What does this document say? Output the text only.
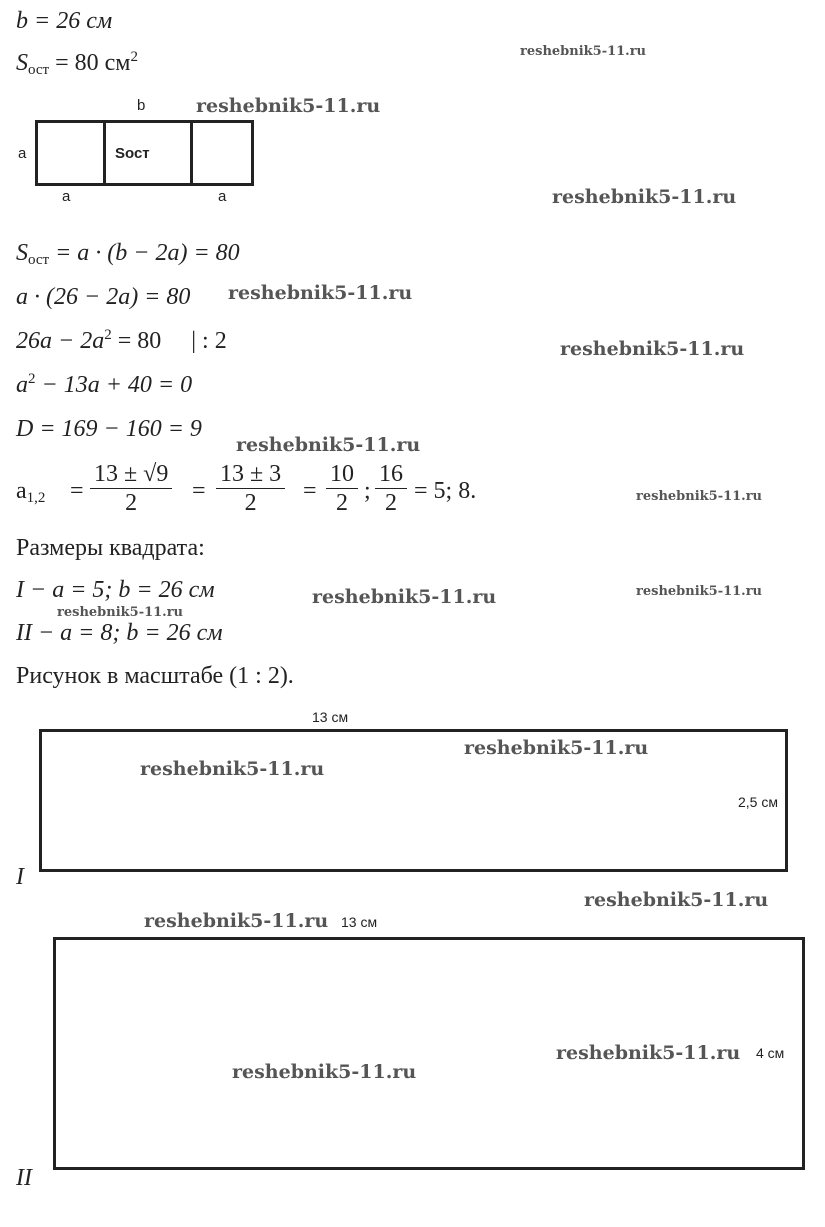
b = 26 см
$S_{ост} = 80$ $см^2$
b
a	Sост
a	a
$S_{ост} = a \cdot (b - 2a) = 80$
a · (26 − 2a) = 80
$26a - 2a^2 = 80$     | : 2
$a^2 - 13a + 40 = 0$
D = 169 − 160 = 9
$a_{1,2} = \frac{13 \pm √9}{2} = \frac{13 \pm 3}{2} = \frac{10}{2}$ ; $\frac{16}{2} = 5$; 8.
Размеры квадрата:
I − a = 5; b = 26 см
II − a = 8; b = 26 см
Рисунок в масштабе (1 : 2).
13 см
2,5 см
I
13 см
4 см
II
reshebnik5-11.ru
reshebnik5-11.ru
reshebnik5-11.ru
reshebnik5-11.ru
reshebnik5-11.ru
reshebnik5-11.ru
reshebnik5-11.ru
reshebnik5-11.ru	reshebnik5-11.ru
reshebnik5-11.ru
reshebnik5-11.ru
reshebnik5-11.ru
reshebnik5-11.ru
reshebnik5-11.ru
reshebnik5-11.ru
reshebnik5-11.ru
